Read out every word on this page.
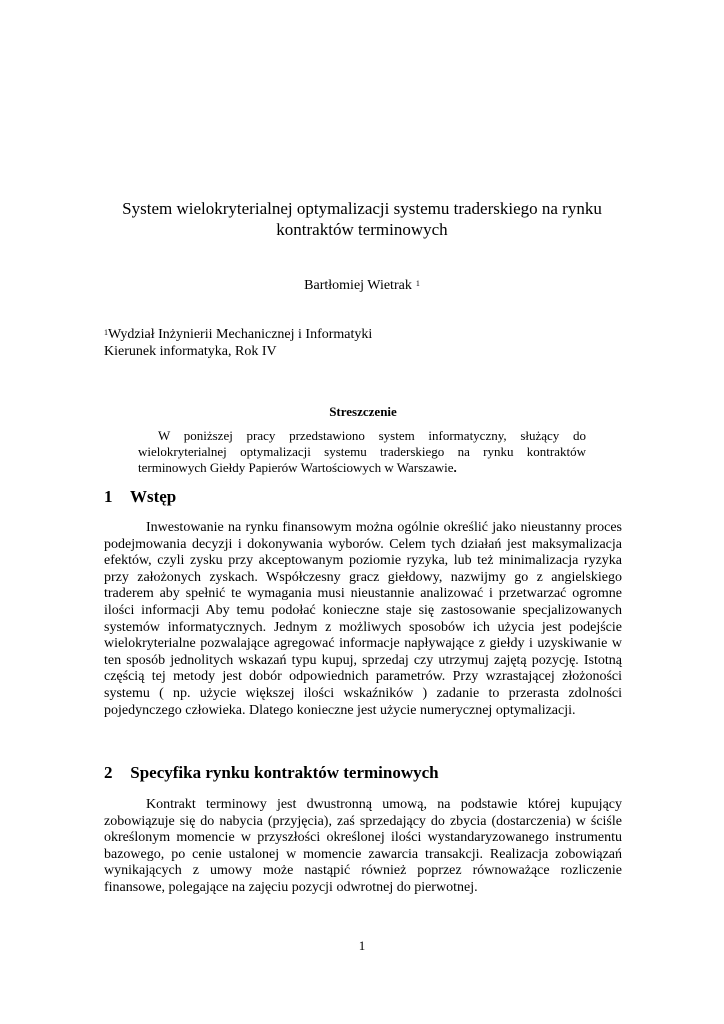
System wielokryterialnej optymalizacji systemu traderskiego na rynku
kontraktów terminowych
Bartłomiej Wietrak $^1$
$^1$Wydział Inżynierii Mechanicznej i Informatyki
Kierunek informatyka, Rok IV
Streszczenie
W poniższej pracy przedstawiono system informatyczny, służący do wielokryterialnej optymalizacji systemu traderskiego na rynku kontraktów terminowych Giełdy Papierów Wartościowych w Warszawie.
1 Wstęp
Inwestowanie na rynku finansowym można ogólnie określić jako nieustanny proces podejmowania decyzji i dokonywania wyborów. Celem tych działań jest maksymalizacja efektów, czyli zysku przy akceptowanym poziomie ryzyka, lub też minimalizacja ryzyka przy założonych zyskach. Współczesny gracz giełdowy, nazwijmy go z angielskiego traderem aby spełnić te wymagania musi nieustannie analizować i przetwarzać ogromne ilości informacji Aby temu podołać konieczne staje się zastosowanie specjalizowanych systemów informatycznych. Jednym z możliwych sposobów ich użycia jest podejście wielokryterialne pozwalające agregować informacje napływające z giełdy i uzyskiwanie w ten sposób jednolitych wskazań typu kupuj, sprzedaj czy utrzymuj zajętą pozycję. Istotną częścią tej metody jest dobór odpowiednich parametrów. Przy wzrastającej złożoności systemu ( np. użycie większej ilości wskaźników ) zadanie to przerasta zdolności pojedynczego człowieka. Dlatego konieczne jest użycie numerycznej optymalizacji.
2 Specyfika rynku kontraktów terminowych
Kontrakt terminowy jest dwustronną umową, na podstawie której kupujący zobowiązuje się do nabycia (przyjęcia), zaś sprzedający do zbycia (dostarczenia) w ściśle określonym momencie w przyszłości określonej ilości wystandaryzowanego instrumentu bazowego, po cenie ustalonej w momencie zawarcia transakcji. Realizacja zobowiązań wynikających z umowy może nastąpić również poprzez równoważące rozliczenie finansowe, polegające na zajęciu pozycji odwrotnej do pierwotnej.
1
